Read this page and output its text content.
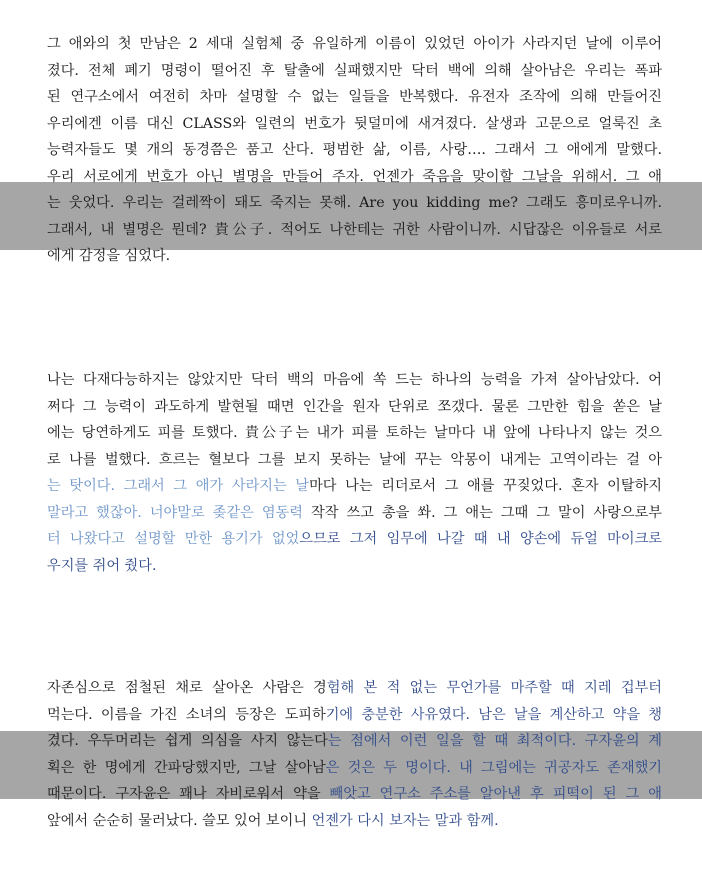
그 애와의 첫 만남은 2 세대 실험체 중 유일하게 이름이 있었던 아이가 사라지던 날에 이루어
졌다. 전체 폐기 명령이 떨어진 후 탈출에 실패했지만 닥터 백에 의해 살아남은 우리는 폭파
된 연구소에서 여전히 차마 설명할 수 없는 일들을 반복했다. 유전자 조작에 의해 만들어진
우리에겐 이름 대신 CLASS와 일련의 번호가 뒷덜미에 새겨졌다. 살생과 고문으로 얼룩진 초
능력자들도 몇 개의 동경쯤은 품고 산다. 평범한 삶, 이름, 사랑…. 그래서 그 애에게 말했다.
우리 서로에게 번호가 아닌 별명을 만들어 주자. 언젠가 죽음을 맞이할 그날을 위해서. 그 애
는 웃었다. 우리는 걸레짝이 돼도 죽지는 못해. Are you kidding me? 그래도 흥미로우니까.
그래서, 내 별명은 뭔데? 貴公子. 적어도 나한테는 귀한 사람이니까. 시답잖은 이유들로 서로
에게 감정을 심었다.
나는 다재다능하지는 않았지만 닥터 백의 마음에 쏙 드는 하나의 능력을 가져 살아남았다. 어
쩌다 그 능력이 과도하게 발현될 때면 인간을 원자 단위로 쪼갰다. 물론 그만한 힘을 쏟은 날
에는 당연하게도 피를 토했다. 貴公子는 내가 피를 토하는 날마다 내 앞에 나타나지 않는 것으
로 나를 벌했다. 흐르는 혈보다 그를 보지 못하는 날에 꾸는 악몽이 내게는 고역이라는 걸 아
는 탓이다. 그래서 그 애가 사라지는 날마다 나는 리더로서 그 애를 꾸짖었다. 혼자 이탈하지
말라고 했잖아. 너야말로 좆같은 염동력 작작 쓰고 총을 쏴. 그 애는 그때 그 말이 사랑으로부
터 나왔다고 설명할 만한 용기가 없었으므로 그저 임무에 나갈 때 내 양손에 듀얼 마이크로
우지를 쥐어 줬다.
자존심으로 점철된 채로 살아온 사람은 경험해 본 적 없는 무언가를 마주할 때 지레 겁부터
먹는다. 이름을 가진 소녀의 등장은 도피하기에 충분한 사유였다. 남은 날을 계산하고 약을 챙
겼다. 우두머리는 쉽게 의심을 사지 않는다는 점에서 이런 일을 할 때 최적이다. 구자윤의 계
획은 한 명에게 간파당했지만, 그날 살아남은 것은 두 명이다. 내 그림에는 귀공자도 존재했기
때문이다. 구자윤은 꽤나 자비로워서 약을 빼앗고 연구소 주소를 알아낸 후 피떡이 된 그 애
앞에서 순순히 물러났다. 쓸모 있어 보이니 언젠가 다시 보자는 말과 함께.
